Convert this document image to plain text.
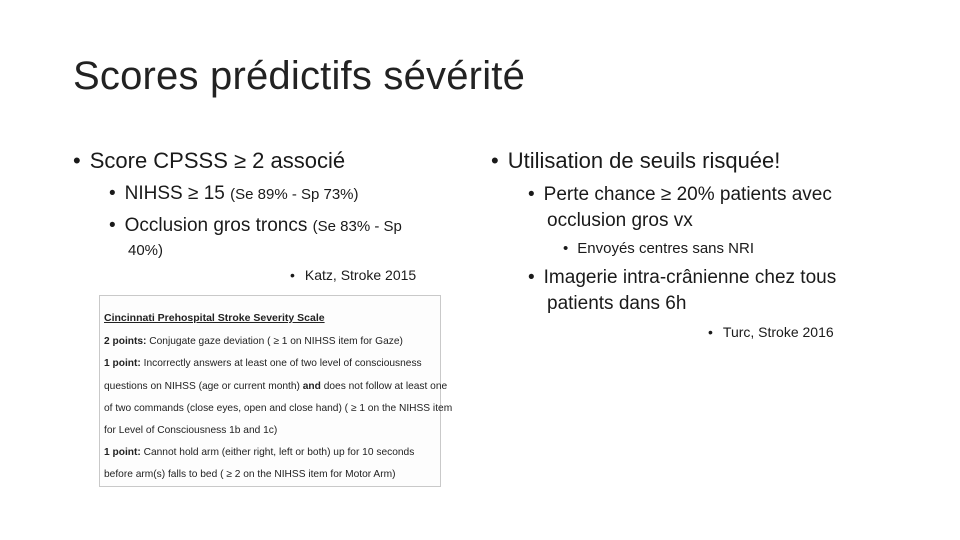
Scores prédictifs sévérité
• Score CPSSS ≥ 2 associé
• NIHSS ≥ 15 (Se 89% - Sp 73%)
• Occlusion gros troncs (Se 83% - Sp
40%)
• Katz, Stroke 2015
Cincinnati Prehospital Stroke Severity Scale
2 points: Conjugate gaze deviation ( ≥ 1 on NIHSS item for Gaze)
1 point: Incorrectly answers at least one of two level of consciousness
questions on NIHSS (age or current month) and does not follow at least one
of two commands (close eyes, open and close hand) ( ≥ 1 on the NIHSS item
for Level of Consciousness 1b and 1c)
1 point: Cannot hold arm (either right, left or both) up for 10 seconds
before arm(s) falls to bed ( ≥ 2 on the NIHSS item for Motor Arm)
• Utilisation de seuils risquée!
• Perte chance ≥ 20% patients avec
occlusion gros vx
• Envoyés centres sans NRI
• Imagerie intra-crânienne chez tous
patients dans 6h
• Turc, Stroke 2016
